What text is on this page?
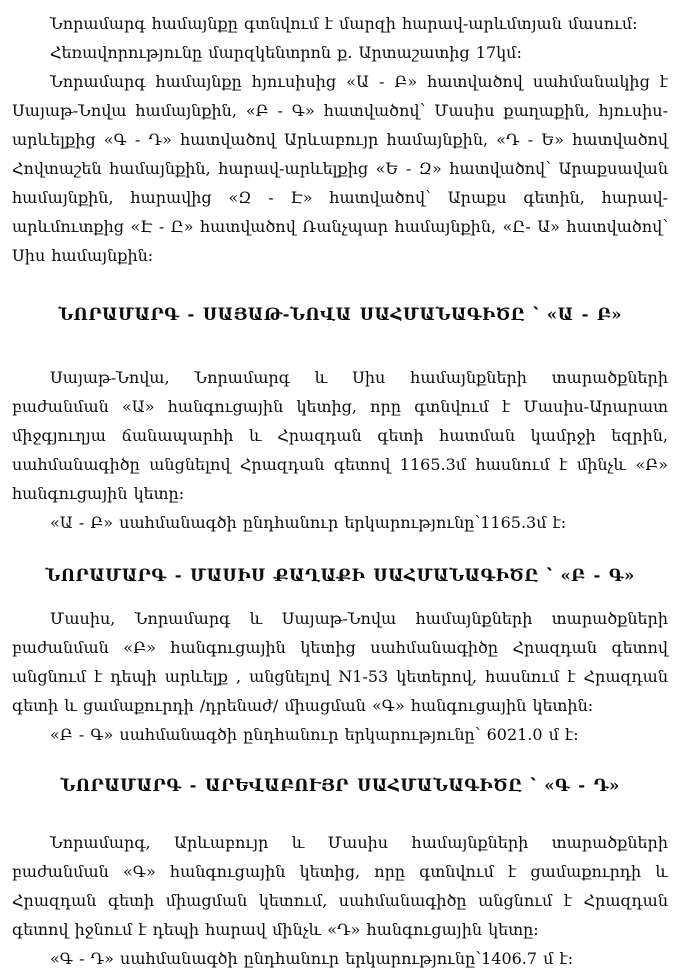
Նորամարգ համայնքը գտնվում է մարզի հարավ-արևմտյան մասում:

Հեռավորությունը մարզկենտրոն ք. Արտաշատից 17կմ:

Նորամարգ համայնքը հյուսիսից «Ա - Բ» հատվածով սահմանակից է Սայաթ-Նովա համայնքին, «Բ - Գ» հատվածով՝ Մասիս քաղաքին, հյուսիս-արևելքից «Գ - Դ» հատվածով Արևաբույր համայնքին, «Դ - Ե» հատվածով Հովտաշեն համայնքին, հարավ-արևելքից «Ե - Զ» հատվածով՝ Արաքսավան համայնքին, հարավից «Զ - Է» հատվածով՝ Արաքս գետին, հարավ-արևմուտքից «Է - Ը» հատվածով Ռանչպար համայնքին, «Ը- Ա» հատվածով՝ Սիս համայնքին:

ՆՈՐԱՄԱՐԳ - ՍԱՅԱԹ-ՆՈՎԱ ՍԱՀՄԱՆԱԳԻԾԸ ՝ «Ա - Բ»

Սայաթ-Նովա, Նորամարգ և Սիս համայնքների տարածքների բաժանման «Ա» հանգուցային կետից, որը գտնվում է Մասիս-Արարատ միջգյուղյա ճանապարհի և Հրազդան գետի հատման կամրջի եզրին, սահմանագիծը անցնելով Հրազդան գետով 1165.3մ հասնում է մինչև «Բ» հանգուցային կետը:

«Ա - Բ» սահմանագծի ընդհանուր երկարությունը՝1165.3մ է:

ՆՈՐԱՄԱՐԳ - ՄԱՍԻՍ ՔԱՂԱՔԻ ՍԱՀՄԱՆԱԳԻԾԸ ՝ «Բ - Գ»

Մասիս, Նորամարգ և Սայաթ-Նովա համայնքների տարածքների բաժանման «Բ» հանգուցային կետից սահմանագիծը Հրազդան գետով անցնում է դեպի արևելք , անցնելով N1-53 կետերով, հասնում է Հրազդան գետի և ցամաքուրդի /դրենաժ/ միացման «Գ» հանգուցային կետին:

«Բ - Գ» սահմանագծի ընդհանուր երկարությունը՝ 6021.0 մ է:

ՆՈՐԱՄԱՐԳ - ԱՐԵՎԱԲՈՒՅՐ ՍԱՀՄԱՆԱԳԻԾԸ ՝ «Գ - Դ»

Նորամարգ, Արևաբույր և Մասիս համայնքների տարածքների բաժանման «Գ» հանգուցային կետից, որը գտնվում է ցամաքուրդի և Հրազդան գետի միացման կետում, սահմանագիծը անցնում է Հրազդան գետով իջնում է դեպի հարավ մինչև «Դ» հանգուցային կետը:

«Գ - Դ» սահմանագծի ընդհանուր երկարությունը՝1406.7 մ է:
